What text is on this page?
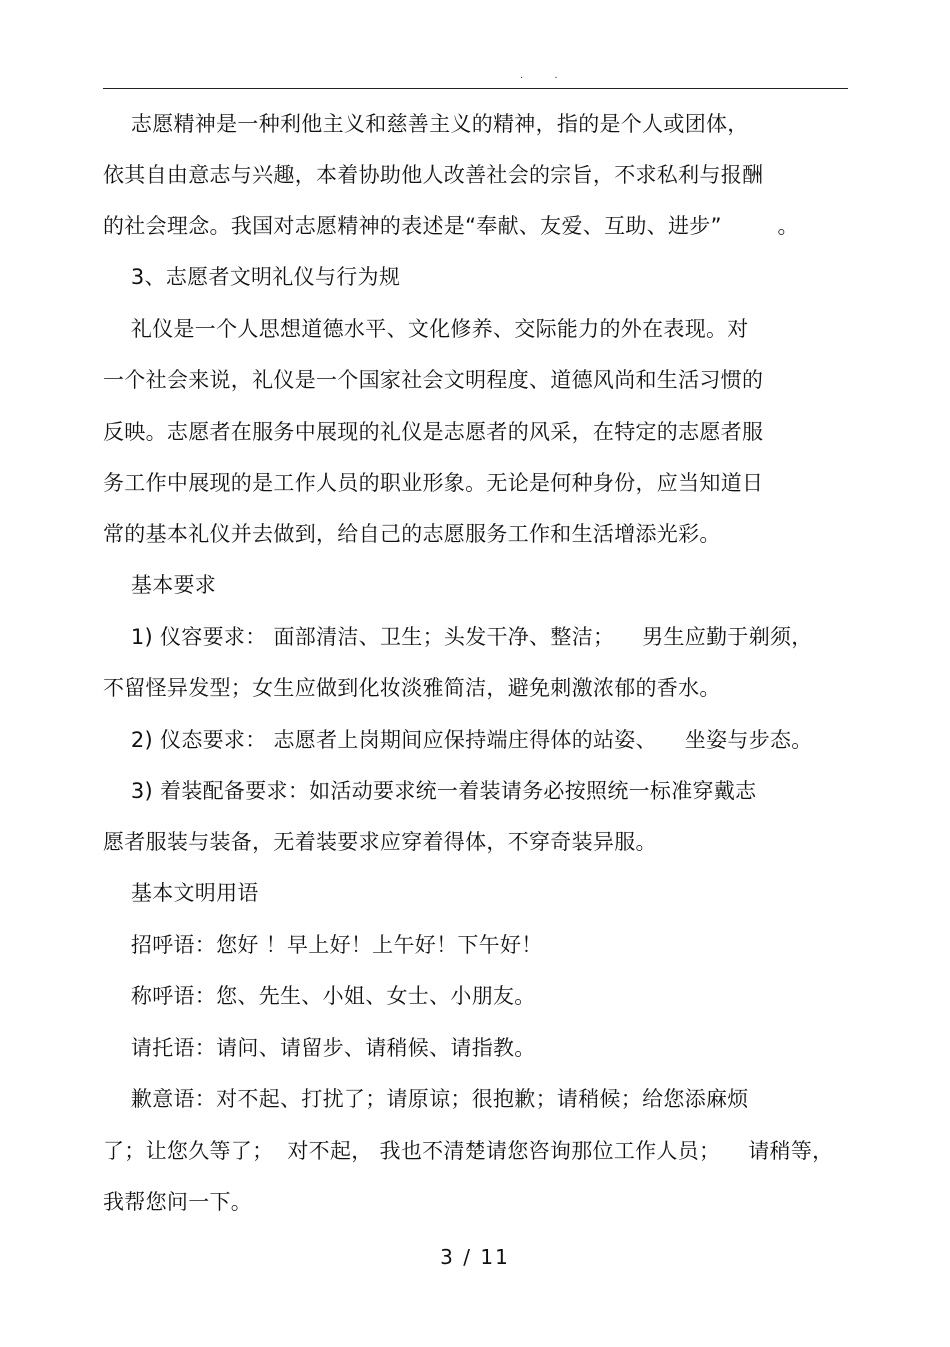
. .
志愿精神是一种利他主义和慈善主义的精神，指的是个人或团体，
依其自由意志与兴趣，本着协助他人改善社会的宗旨，不求私利与报酬
的社会理念。我国对志愿精神的表述是“奉献、友爱、互助、进步”        。
3、志愿者文明礼仪与行为规
礼仪是一个人思想道德水平、文化修养、交际能力的外在表现。对
一个社会来说，礼仪是一个国家社会文明程度、道德风尚和生活习惯的
反映。志愿者在服务中展现的礼仪是志愿者的风采，在特定的志愿者服
务工作中展现的是工作人员的职业形象。无论是何种身份，应当知道日
常的基本礼仪并去做到，给自己的志愿服务工作和生活增添光彩。
基本要求
1) 仪容要求： 面部清洁、卫生；头发干净、整洁；    男生应勤于剃须，
不留怪异发型；女生应做到化妆淡雅简洁，避免刺激浓郁的香水。
2) 仪态要求： 志愿者上岗期间应保持端庄得体的站姿、    坐姿与步态。
3) 着装配备要求：如活动要求统一着装请务必按照统一标准穿戴志
愿者服装与装备，无着装要求应穿着得体，不穿奇装异服。
基本文明用语
招呼语：您好 ！早上好！上午好！下午好！
称呼语：您、先生、小姐、女士、小朋友。
请托语：请问、请留步、请稍候、请指教。
歉意语：对不起、打扰了；请原谅；很抱歉；请稍候；给您添麻烦
了；让您久等了；  对不起， 我也不清楚请您咨询那位工作人员；    请稍等，
我帮您问一下。
3 / 11
